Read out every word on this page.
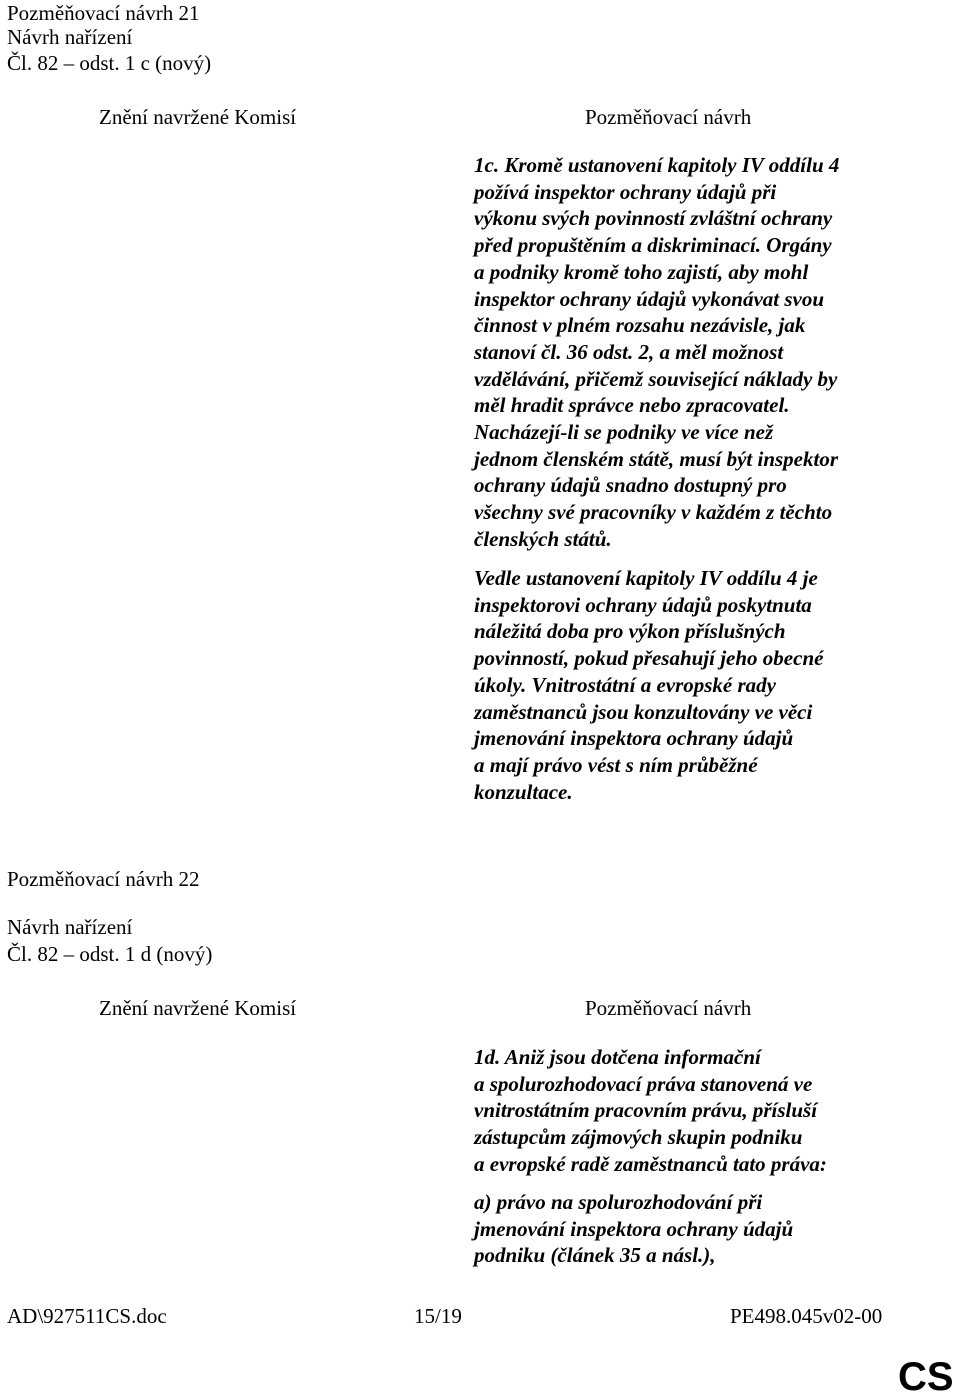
Pozměňovací návrh 21
Návrh nařízení
Čl. 82 – odst. 1 c (nový)
Znění navržené Komisí	Pozměňovací návrh

1c. Kromě ustanovení kapitoly IV oddílu 4
požívá inspektor ochrany údajů při
výkonu svých povinností zvláštní ochrany
před propuštěním a diskriminací. Orgány
a podniky kromě toho zajistí, aby mohl
inspektor ochrany údajů vykonávat svou
činnost v plném rozsahu nezávisle, jak
stanoví čl. 36 odst. 2, a měl možnost
vzdělávání, přičemž související náklady by
měl hradit správce nebo zpracovatel.
Nacházejí-li se podniky ve více než
jednom členském státě, musí být inspektor
ochrany údajů snadno dostupný pro
všechny své pracovníky v každém z těchto
členských států.

Vedle ustanovení kapitoly IV oddílu 4 je
inspektorovi ochrany údajů poskytnuta
náležitá doba pro výkon příslušných
povinností, pokud přesahují jeho obecné
úkoly. Vnitrostátní a evropské rady
zaměstnanců jsou konzultovány ve věci
jmenování inspektora ochrany údajů
a mají právo vést s ním průběžné
konzultace.

Pozměňovací návrh 22
Návrh nařízení
Čl. 82 – odst. 1 d (nový)
Znění navržené Komisí	Pozměňovací návrh

1d. Aniž jsou dotčena informační
a spolurozhodovací práva stanovená ve
vnitrostátním pracovním právu, přísluší
zástupcům zájmových skupin podniku
a evropské radě zaměstnanců tato práva:

a) právo na spolurozhodování při
jmenování inspektora ochrany údajů
podniku (článek 35 a násl.),

AD\927511CS.doc	15/19	PE498.045v02-00
CS
